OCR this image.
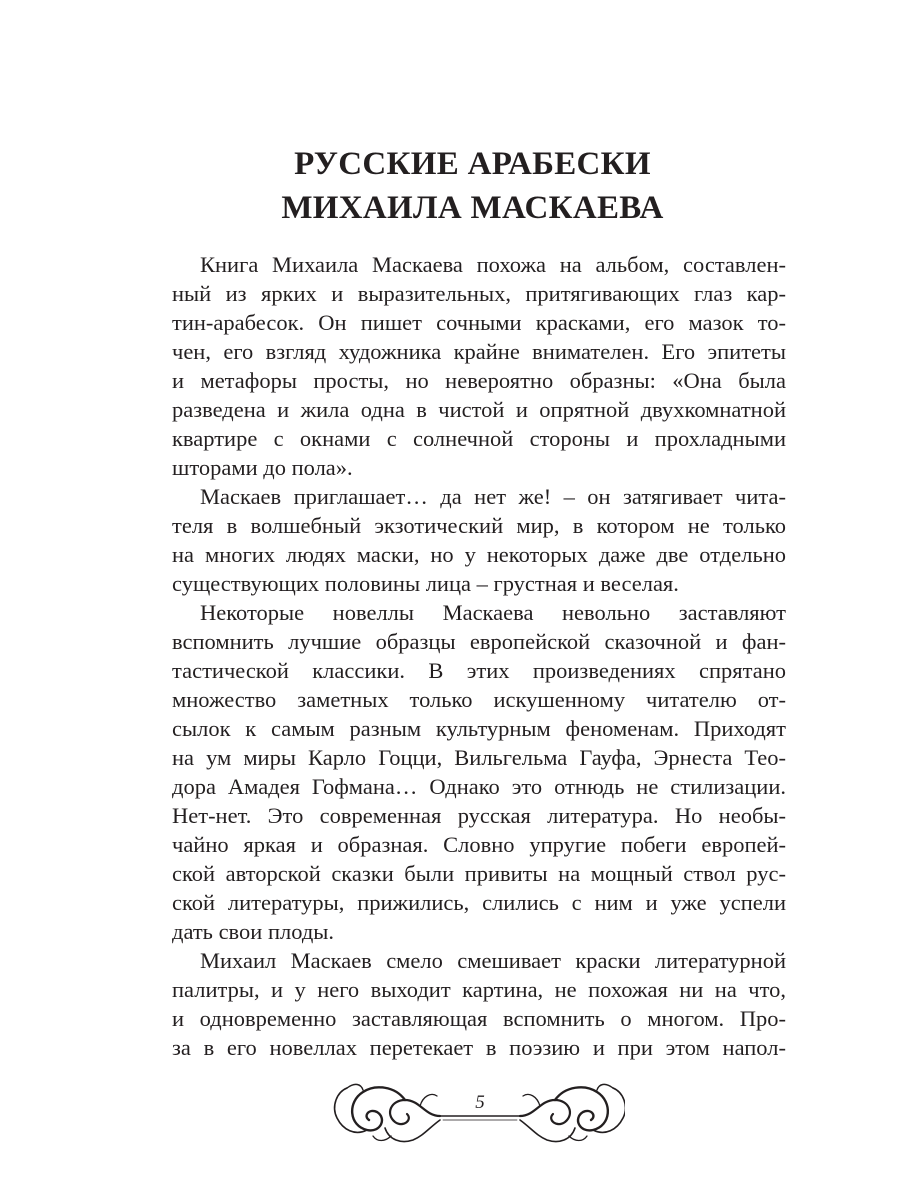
РУССКИЕ АРАБЕСКИ
МИХАИЛА МАСКАЕВА
Книга Михаила Маскаева похожа на альбом, составлен-
ный из ярких и выразительных, притягивающих глаз кар-
тин-арабесок. Он пишет сочными красками, его мазок то-
чен, его взгляд художника крайне внимателен. Его эпитеты
и метафоры просты, но невероятно образны: «Она была
разведена и жила одна в чистой и опрятной двухкомнатной
квартире с окнами с солнечной стороны и прохладными
шторами до пола».
Маскаев приглашает… да нет же! – он затягивает чита-
теля в волшебный экзотический мир, в котором не только
на многих людях маски, но у некоторых даже две отдельно
существующих половины лица – грустная и веселая.
Некоторые новеллы Маскаева невольно заставляют
вспомнить лучшие образцы европейской сказочной и фан-
тастической классики. В этих произведениях спрятано
множество заметных только искушенному читателю от-
сылок к самым разным культурным феноменам. Приходят
на ум миры Карло Гоцци, Вильгельма Гауфа, Эрнеста Тео-
дора Амадея Гофмана… Однако это отнюдь не стилизации.
Нет-нет. Это современная русская литература. Но необы-
чайно яркая и образная. Словно упругие побеги европей-
ской авторской сказки были привиты на мощный ствол рус-
ской литературы, прижились, слились с ним и уже успели
дать свои плоды.
Михаил Маскаев смело смешивает краски литературной
палитры, и у него выходит картина, не похожая ни на что,
и одновременно заставляющая вспомнить о многом. Про-
за в его новеллах перетекает в поэзию и при этом напол-
5
